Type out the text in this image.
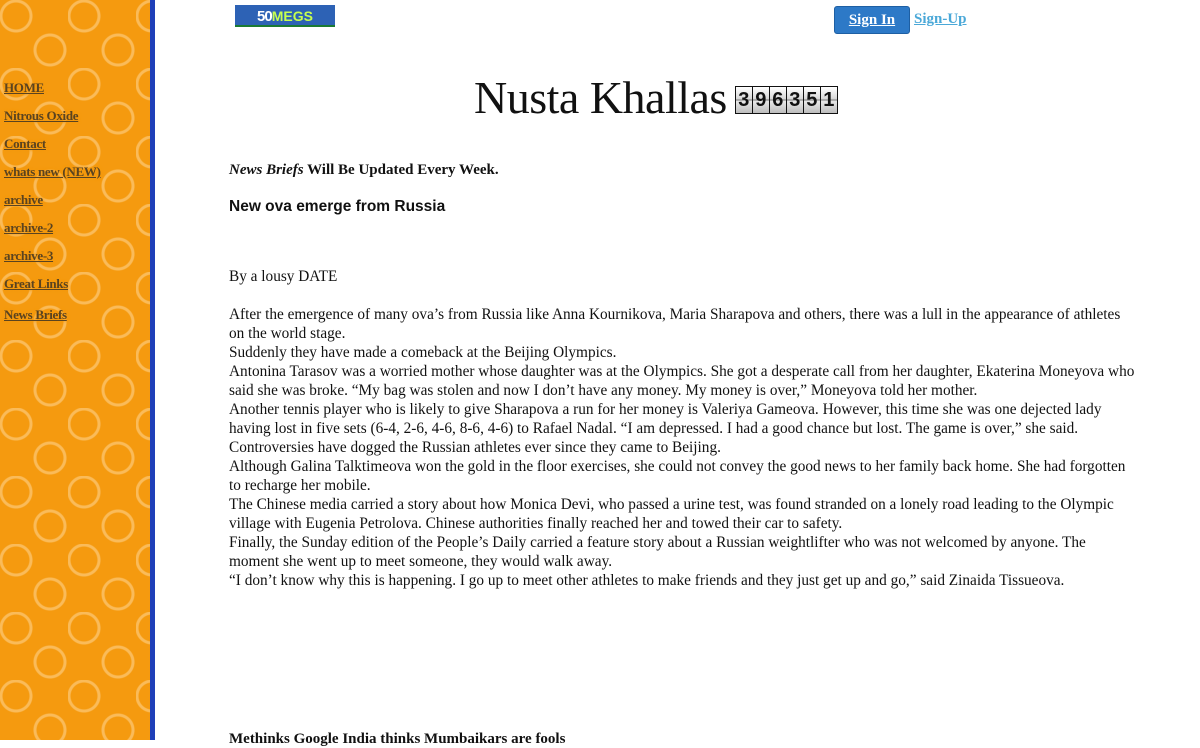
HOME
Nitrous Oxide
Contact
whats new (NEW)
archive
archive-2
archive-3
Great Links
News Briefs
50MEGS	Sign In	Sign-Up
Nusta Khallas 3 9 6 3 5 1
News Briefs Will Be Updated Every Week.
New ova emerge from Russia
By a lousy DATE

After the emergence of many ova’s from Russia like Anna Kournikova, Maria Sharapova and others, there was a lull in the appearance of athletes on the world stage.

Suddenly they have made a comeback at the Beijing Olympics.

Antonina Tarasov was a worried mother whose daughter was at the Olympics. She got a desperate call from her daughter, Ekaterina Moneyova who said she was broke. “My bag was stolen and now I don’t have any money. My money is over,” Moneyova told her mother.

Another tennis player who is likely to give Sharapova a run for her money is Valeriya Gameova. However, this time she was one dejected lady having lost in five sets (6-4, 2-6, 4-6, 8-6, 4-6) to Rafael Nadal. “I am depressed. I had a good chance but lost. The game is over,” she said.

Controversies have dogged the Russian athletes ever since they came to Beijing.

Although Galina Talktimeova won the gold in the floor exercises, she could not convey the good news to her family back home. She had forgotten to recharge her mobile.

The Chinese media carried a story about how Monica Devi, who passed a urine test, was found stranded on a lonely road leading to the Olympic village with Eugenia Petrolova. Chinese authorities finally reached her and towed their car to safety.

Finally, the Sunday edition of the People’s Daily carried a feature story about a Russian weightlifter who was not welcomed by anyone. The moment she went up to meet someone, they would walk away.

“I don’t know why this is happening. I go up to meet other athletes to make friends and they just get up and go,” said Zinaida Tissueova.

Methinks Google India thinks Mumbaikars are fools
